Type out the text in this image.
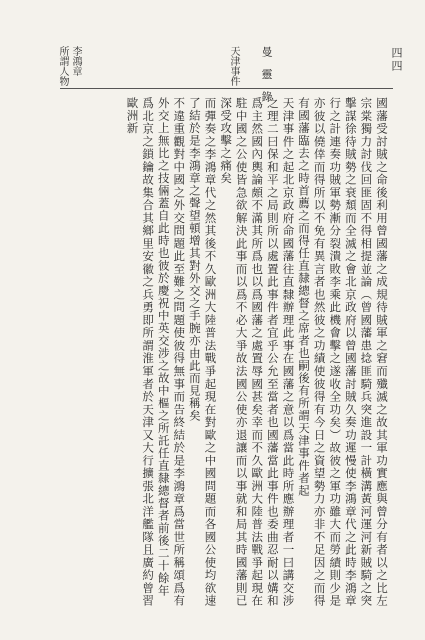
曼 靈 錄	四四
天津事件
李鴻章
所謂人物

國藩受討賊之命後利用曾國藩之成規待賊軍之窘而殲滅之故其軍功實應與曾分有者以之比左宗棠獨力討伐回匪固不得相提並論（曾國藩患捻匪騎兵突進設一計橫溝黃河運河新賊騎之突擊謀徐待賊勢之衰頹而全滅之會北京政府以曾國藩討賊久奏功遲慢使李鴻章代之此時李鴻章行之計連奏功賊軍勢漸分裂潰敗李乘此機會擊之遂收全功矣）故彼之軍功雖大而勞績則少是亦彼以僥倖而得所以不免有異言者也然彼之功績使彼得有今日之資望勢力亦非不足因之而得有國藩臨去之時首薦之而得任直隸總督之席者也嗣後有所謂天津事件者起

天津事件之起北京政府命國藩往直隸辦理此事在國藩之意以爲當此時所應辦理者一曰講交涉之理二曰保和平之局則所以處置此事件者宜乎公允至當者也國藩當此事件也委曲忍耐以媾和爲主然國內輿論頗不滿其所爲也以爲國藩之處置辱國甚矣幸而不久歐洲大陸普法戰爭起現在駐中國之公使皆急欲解決此事而以爲不必大爭故法國公使亦退讓而以事就和局其時國藩則已深受攻擊之痛矣

而彈奏之李鴻章代之然其後不久歐洲大陸普法戰爭起現在對歐之中國問題而各國公使均欲速了結於是李鴻章之聲望頓增其對外交之手腕亦由此而見稱矣

不違重觀對中國之外交問題此至難之問題使彼得無事而告終結於是李鴻章爲當世所稱頌爲有外交上無比之技倆蓋自此時也彼於慶祝中英交涉之故中樞之所託任直隸總督者前後二十餘年

爲北京之鎖鑰故集合其鄉里安徽之兵勇即所謂淮軍者於天津又大行擴張北洋艦隊且廣約曾習歐洲新
